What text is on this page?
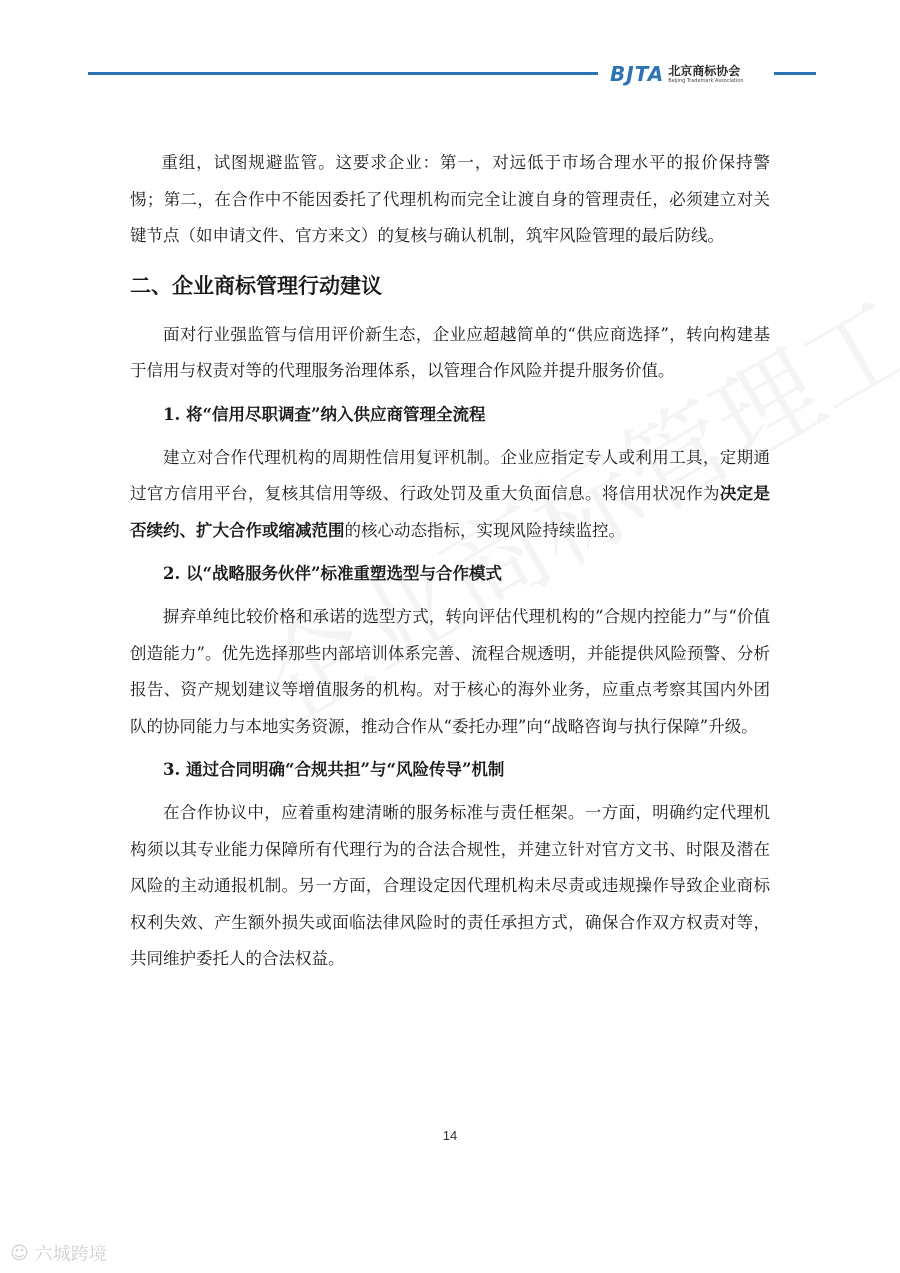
BJTA 北京商标协会
Beijing Trademark Association

重组，试图规避监管。这要求企业：第一，对远低于市场合理水平的报价保持警惕；第二，在合作中不能因委托了代理机构而完全让渡自身的管理责任，必须建立对关键节点（如申请文件、官方来文）的复核与确认机制，筑牢风险管理的最后防线。

二、企业商标管理行动建议

面对行业强监管与信用评价新生态，企业应超越简单的“供应商选择”，转向构建基于信用与权责对等的代理服务治理体系，以管理合作风险并提升服务价值。

1. 将“信用尽职调查”纳入供应商管理全流程

建立对合作代理机构的周期性信用复评机制。企业应指定专人或利用工具，定期通过官方信用平台，复核其信用等级、行政处罚及重大负面信息。将信用状况作为决定是否续约、扩大合作或缩减范围的核心动态指标，实现风险持续监控。

2. 以“战略服务伙伴”标准重塑选型与合作模式

摒弃单纯比较价格和承诺的选型方式，转向评估代理机构的“合规内控能力”与“价值创造能力”。优先选择那些内部培训体系完善、流程合规透明，并能提供风险预警、分析报告、资产规划建议等增值服务的机构。对于核心的海外业务，应重点考察其国内外团队的协同能力与本地实务资源，推动合作从“委托办理”向“战略咨询与执行保障”升级。

3. 通过合同明确“合规共担”与“风险传导”机制

在合作协议中，应着重构建清晰的服务标准与责任框架。一方面，明确约定代理机构须以其专业能力保障所有代理行为的合法合规性，并建立针对官方文书、时限及潜在风险的主动通报机制。另一方面，合理设定因代理机构未尽责或违规操作导致企业商标权利失效、产生额外损失或面临法律风险时的责任承担方式，确保合作双方权责对等，共同维护委托人的合法权益。

14
☺ 六城跨境
